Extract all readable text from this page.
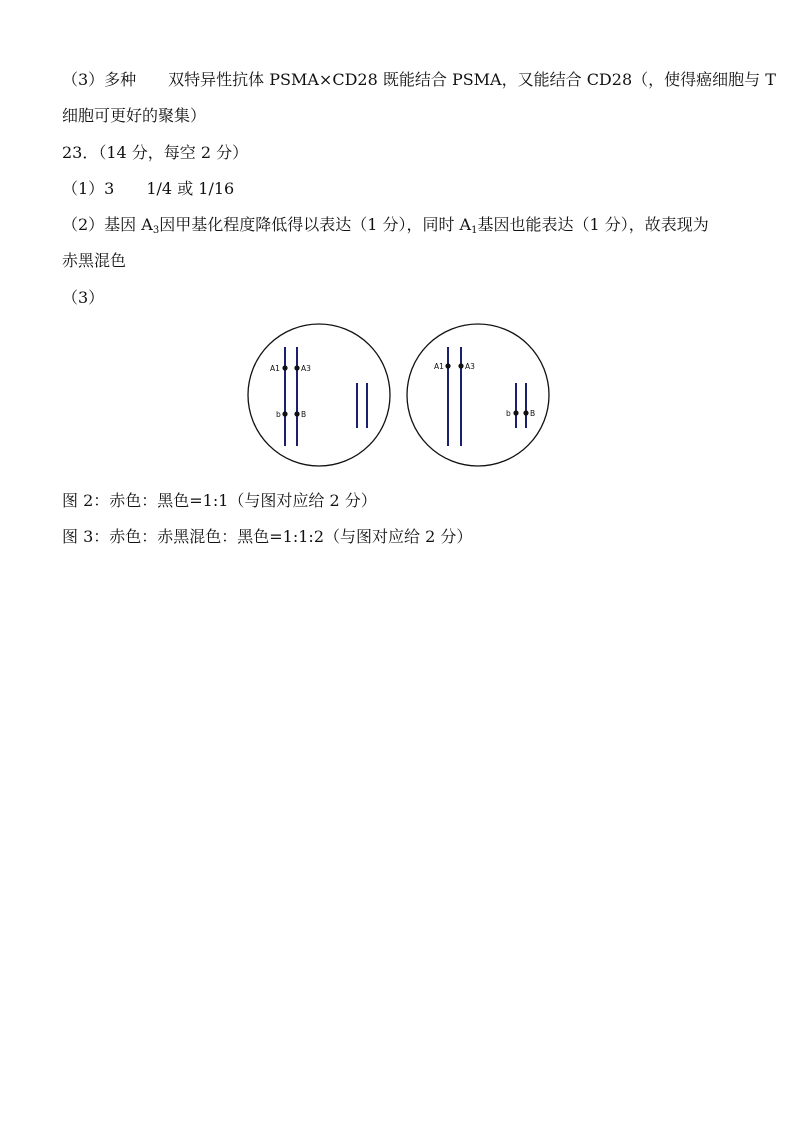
（3）多种　　双特异性抗体 PSMA×CD28 既能结合 PSMA，又能结合 CD28（，使得癌细胞与 T
细胞可更好的聚集）
23．（14 分，每空 2 分）
（1）3　　1/4 或 1/16
（2）基因 $A_3$因甲基化程度降低得以表达（1 分），同时 $A_1$基因也能表达（1 分），故表现为
赤黑混色
（3）
A1	A3
b	B
A1	A3
b	B
图 2：赤色：黑色=1:1（与图对应给 2 分）
图 3：赤色：赤黑混色：黑色=1:1:2（与图对应给 2 分）
